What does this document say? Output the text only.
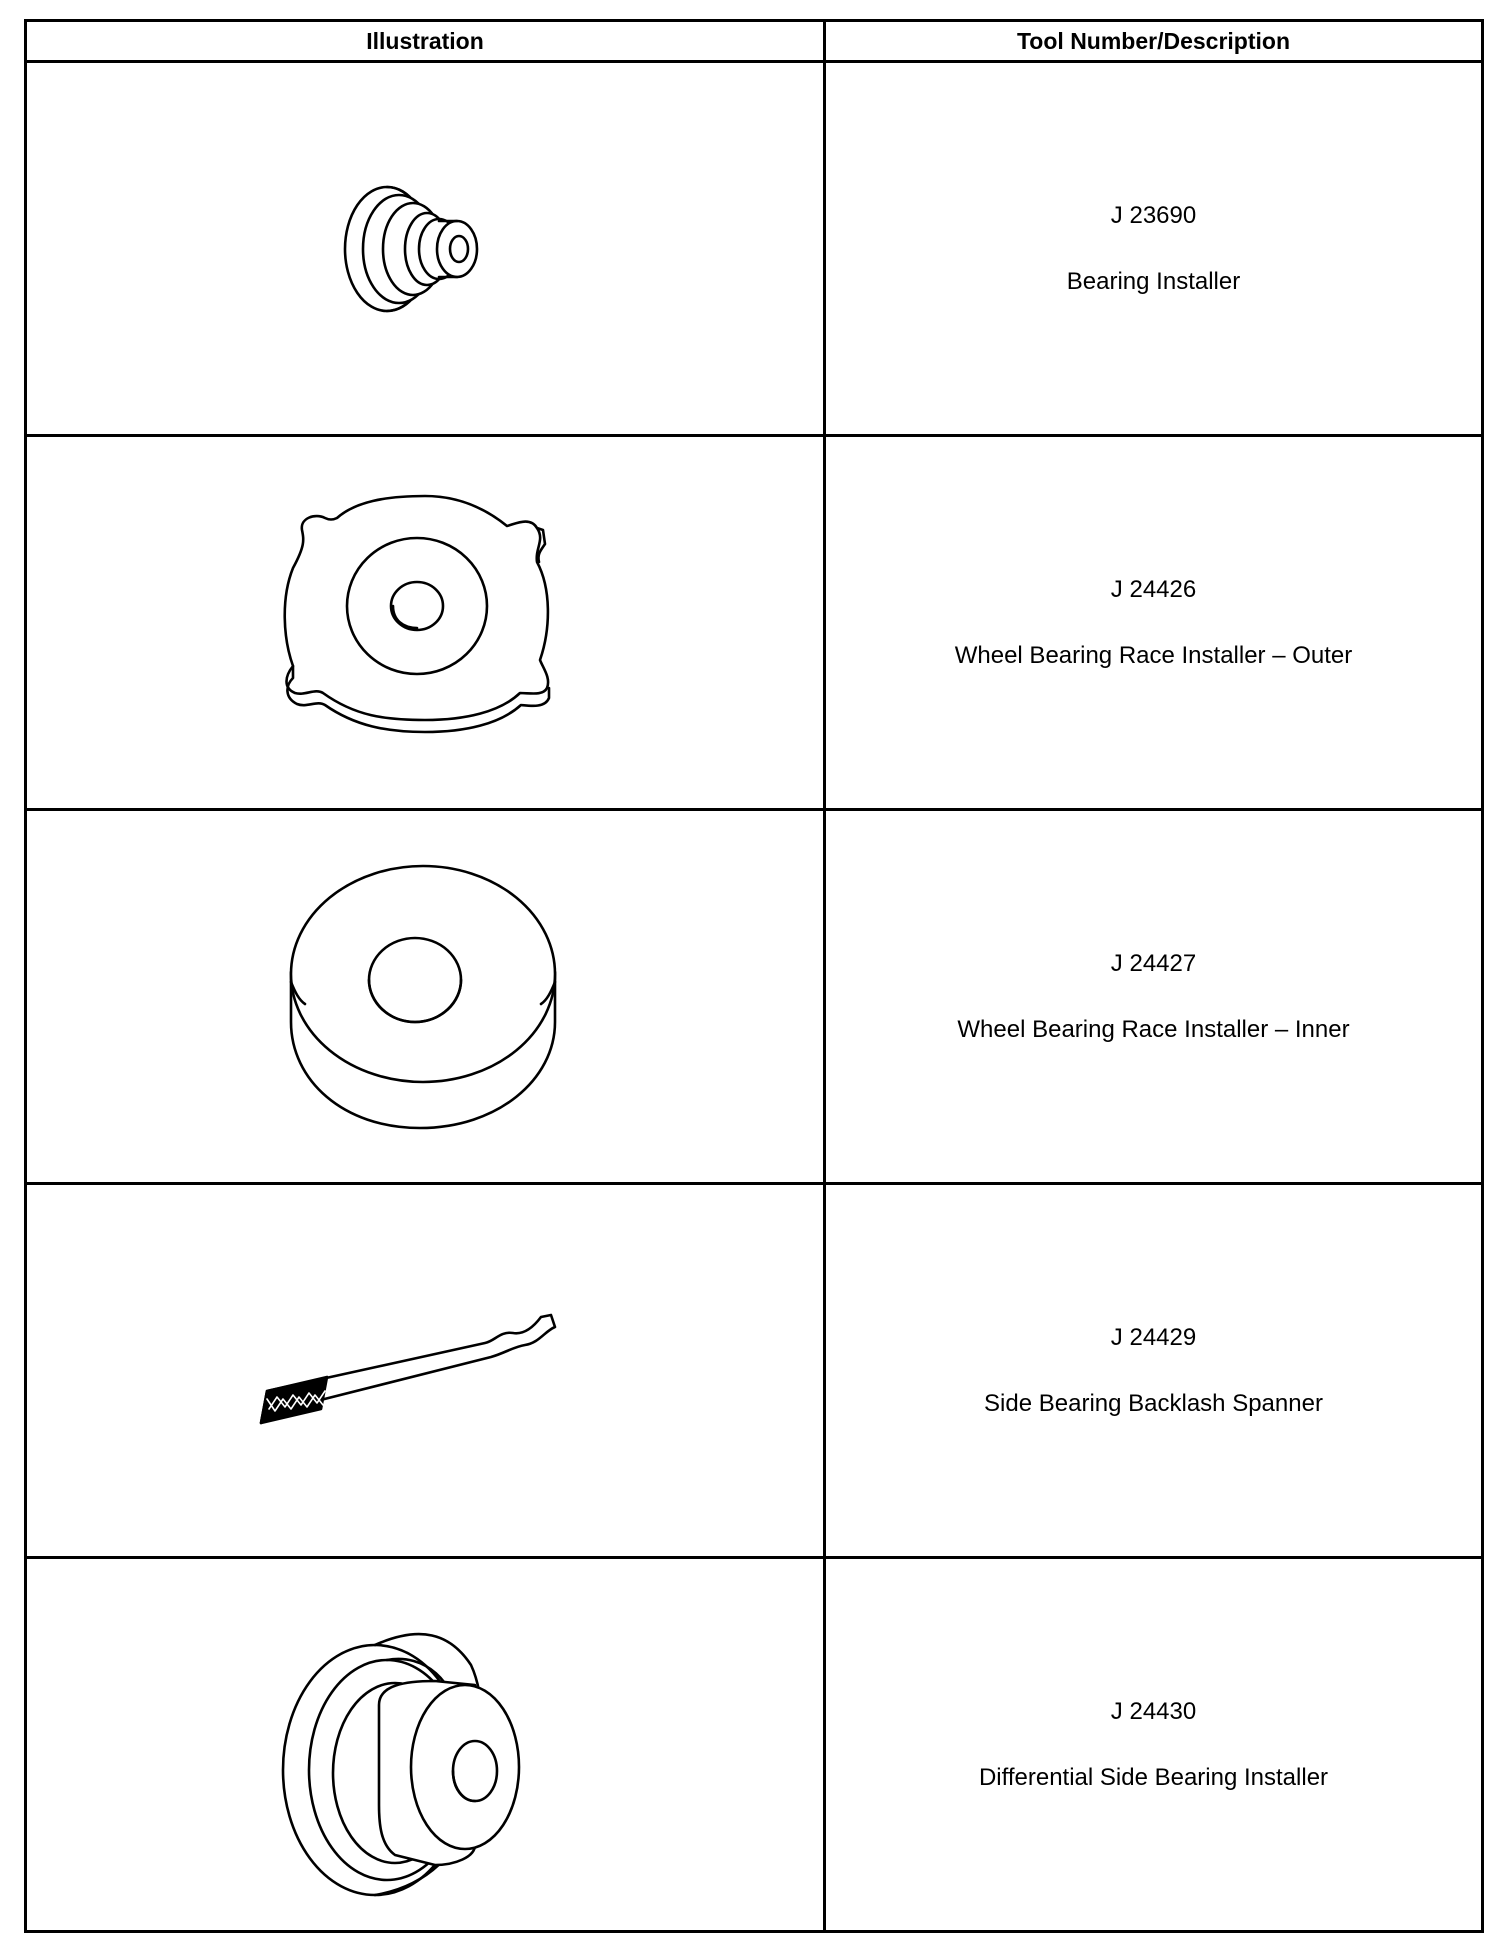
Illustration	Tool Number/Description

J 23690
Bearing Installer

J 24426
Wheel Bearing Race Installer – Outer

J 24427
Wheel Bearing Race Installer – Inner

J 24429
Side Bearing Backlash Spanner

J 24430
Differential Side Bearing Installer
